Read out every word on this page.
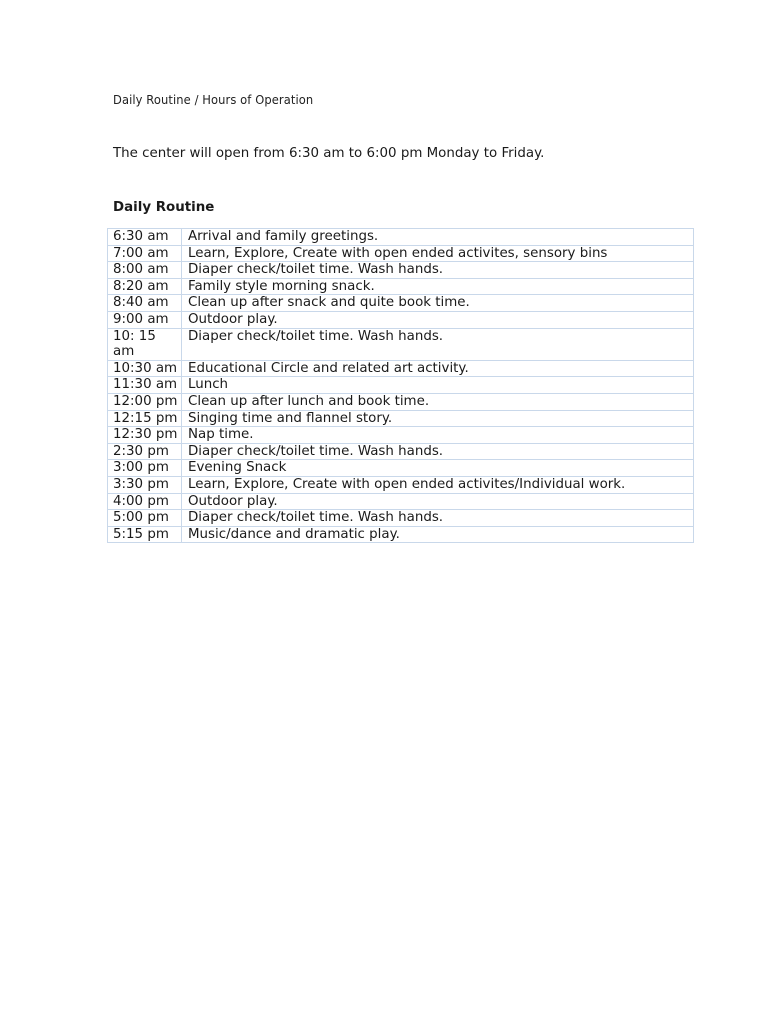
Daily Routine / Hours of Operation
The center will open from 6:30 am to 6:00 pm Monday to Friday.
Daily Routine
6:30 am	Arrival and family greetings.
7:00 am	Learn, Explore, Create with open ended activites, sensory bins
8:00 am	Diaper check/toilet time. Wash hands.
8:20 am	Family style morning snack.
8:40 am	Clean up after snack and quite book time.
9:00 am	Outdoor play.
10: 15 am	Diaper check/toilet time. Wash hands.
10:30 am	Educational Circle and related art activity.
11:30 am	Lunch
12:00 pm	Clean up after lunch and book time.
12:15 pm	Singing time and flannel story.
12:30 pm	Nap time.
2:30 pm	Diaper check/toilet time. Wash hands.
3:00 pm	Evening Snack
3:30 pm	Learn, Explore, Create with open ended activites/Individual work.
4:00 pm	Outdoor play.
5:00 pm	Diaper check/toilet time. Wash hands.
5:15 pm	Music/dance and dramatic play.
